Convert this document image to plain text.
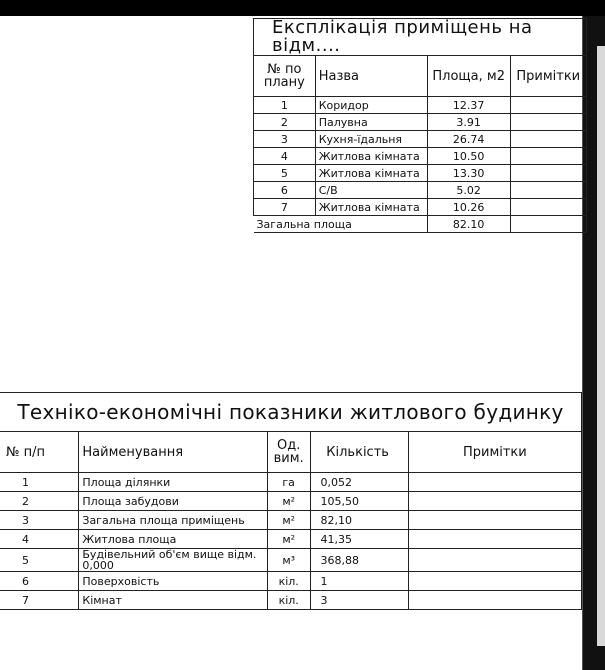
Експлікація приміщень на відм....			
№ по плану	Назва	Площа, м2	Примітки
1	Коридор	12.37	
2	Палувна	3.91	
3	Кухня-їдальня	26.74	
4	Житлова кімната	10.50	
5	Житлова кімната	13.30	
6	С/В	5.02	
7	Житлова кімната	10.26	
Загальна площа		82.10	
Техніко-економічні показники житлового будинку				
№ п/п	Найменування	Од. вим.	Кількість	Примітки
1	Площа ділянки	га	0,052	
2	Площа забудови	м²	105,50	
3	Загальна площа приміщень	м²	82,10	
4	Житлова площа	м²	41,35	
5	Будівельний об'єм вище відм. 0,000	м³	368,88	
6	Поверховість	кіл.	1	
7	Кімнат	кіл.	3	
